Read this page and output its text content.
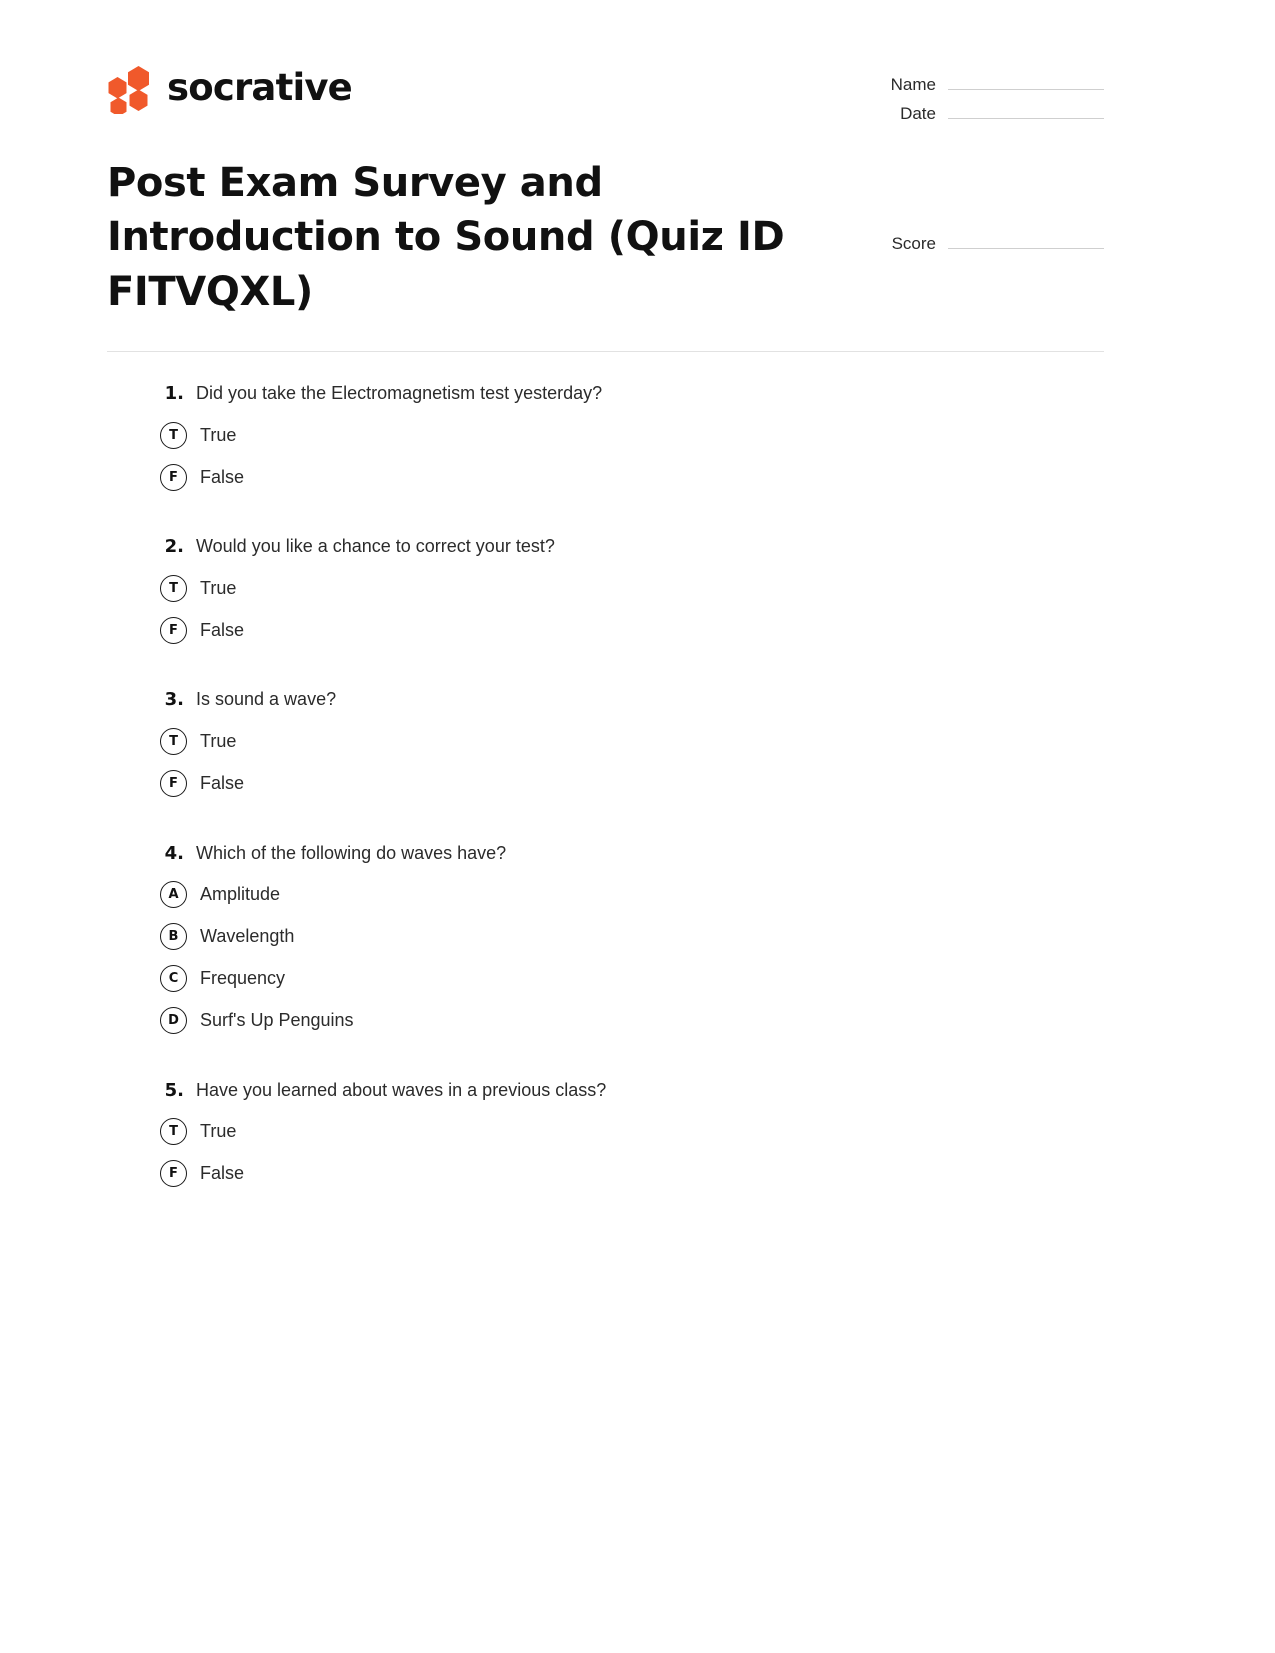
socrative	Name
Date
Post Exam Survey and Introduction to Sound (Quiz ID FITVQXL)
Score
1. Did you take the Electromagnetism test yesterday?
T	True
F	False
2. Would you like a chance to correct your test?
T	True
F	False
3. Is sound a wave?
T	True
F	False
4. Which of the following do waves have?
A	Amplitude
B	Wavelength
C	Frequency
D	Surf's Up Penguins
5. Have you learned about waves in a previous class?
T	True
F	False
